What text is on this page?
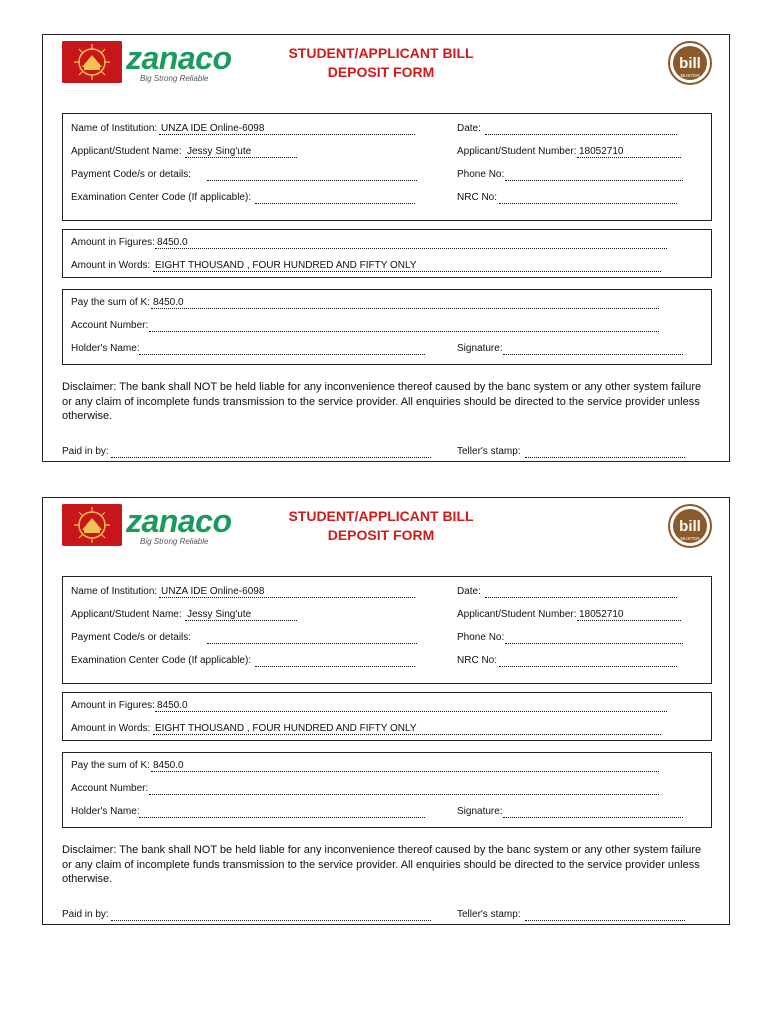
zanaco
Big Strong Reliable
STUDENT/APPLICANT BILL
DEPOSIT FORM	bill
MUSTER
Name of Institution: UNZA IDE Online-6098	Date:
Applicant/Student Name: Jessy Sing'ute	Applicant/Student Number: 18052710
Payment Code/s or details:	Phone No:
Examination Center Code (If applicable):	NRC No:
Amount in Figures: 8450.0
Amount in Words: EIGHT THOUSAND , FOUR HUNDRED AND FIFTY ONLY
Pay the sum of K: 8450.0
Account Number:
Holder's Name:	Signature:
Disclaimer: The bank shall NOT be held liable for any inconvenience thereof caused by the banc system or any other system failure or any claim of incomplete funds transmission to the service provider. All enquiries should be directed to the service provider unless otherwise.
Paid in by:	Teller's stamp:
zanaco
Big Strong Reliable
STUDENT/APPLICANT BILL
DEPOSIT FORM	bill
MUSTER
Name of Institution: UNZA IDE Online-6098	Date:
Applicant/Student Name: Jessy Sing'ute	Applicant/Student Number: 18052710
Payment Code/s or details:	Phone No:
Examination Center Code (If applicable):	NRC No:
Amount in Figures: 8450.0
Amount in Words: EIGHT THOUSAND , FOUR HUNDRED AND FIFTY ONLY
Pay the sum of K: 8450.0
Account Number:
Holder's Name:	Signature:
Disclaimer: The bank shall NOT be held liable for any inconvenience thereof caused by the banc system or any other system failure or any claim of incomplete funds transmission to the service provider. All enquiries should be directed to the service provider unless otherwise.
Paid in by:	Teller's stamp:
